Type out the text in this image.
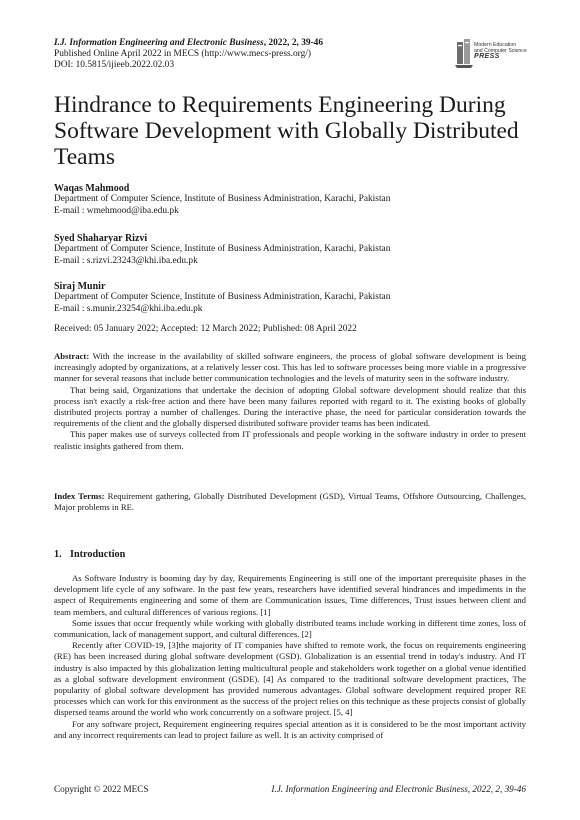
I.J. Information Engineering and Electronic Business, 2022, 2, 39-46
Published Online April 2022 in MECS (http://www.mecs-press.org/)
DOI: 10.5815/ijieeb.2022.02.03
Modern Education
and Computer Science
PRESS
Hindrance to Requirements Engineering During Software Development with Globally Distributed Teams
Waqas Mahmood
Department of Computer Science, Institute of Business Administration, Karachi, Pakistan
E-mail : wmehmood@iba.edu.pk
Syed Shaharyar Rizvi
Department of Computer Science, Institute of Business Administration, Karachi, Pakistan
E-mail : s.rizvi.23243@khi.iba.edu.pk
Siraj Munir
Department of Computer Science, Institute of Business Administration, Karachi, Pakistan
E-mail : s.munir.23254@khi.iba.edu.pk
Received: 05 January 2022; Accepted: 12 March 2022; Published: 08 April 2022

Abstract: With the increase in the availability of skilled software engineers, the process of global software development is being increasingly adopted by organizations, at a relatively lesser cost. This has led to software processes being more viable in a progressive manner for several reasons that include better communication technologies and the levels of maturity seen in the software industry.

That being said, Organizations that undertake the decision of adopting Global software development should realize that this process isn't exactly a risk-free action and there have been many failures reported with regard to it. The existing books of globally distributed projects portray a number of challenges. During the interactive phase, the need for particular consideration towards the requirements of the client and the globally dispersed distributed software provider teams has been indicated.

This paper makes use of surveys collected from IT professionals and people working in the software industry in order to present realistic insights gathered from them.

Index Terms: Requirement gathering, Globally Distributed Development (GSD), Virtual Teams, Offshore Outsourcing, Challenges, Major problems in RE.
1. Introduction

As Software Industry is booming day by day, Requirements Engineering is still one of the important prerequisite phases in the development life cycle of any software. In the past few years, researchers have identified several hindrances and impediments in the aspect of Requirements engineering and some of them are Communication issues, Time differences, Trust issues between client and team members, and cultural differences of various regions. [1]

Some issues that occur frequently while working with globally distributed teams include working in different time zones, loss of communication, lack of management support, and cultural differences. [2]

Recently after COVID-19, [3]the majority of IT companies have shifted to remote work, the focus on requirements engineering (RE) has been increased during global software development (GSD). Globalization is an essential trend in today's industry. And IT industry is also impacted by this globalization letting multicultural people and stakeholders work together on a global venue identified as a global software development environment (GSDE). [4] As compared to the traditional software development practices, The popularity of global software development has provided numerous advantages. Global software development required proper RE processes which can work for this environment as the success of the project relies on this technique as these projects consist of globally dispersed teams around the world who work concurrently on a software project. [5, 4]

For any software project, Requirement engineering requires special attention as it is considered to be the most important activity and any incorrect requirements can lead to project failure as well. It is an activity comprised of

Copyright © 2022 MECS	I.J. Information Engineering and Electronic Business, 2022, 2, 39-46
